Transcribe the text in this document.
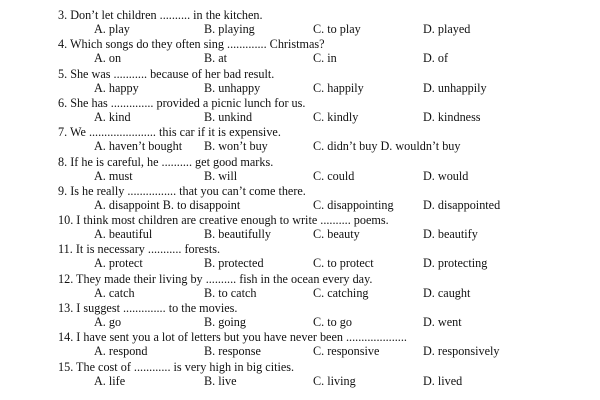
3. Don’t let children .......... in the kitchen.
A. play	B. playing	C. to play	D. played
4. Which songs do they often sing ............. Christmas?
A. on	B. at	C. in	D. of
5. She was ........... because of her bad result.
A. happy	B. unhappy	C. happily	D. unhappily
6. She has .............. provided a picnic lunch for us.
A. kind	B. unkind	C. kindly	D. kindness
7. We ...................... this car if it is expensive.
A. haven’t bought B. won’t buy	C. didn’t buy D. wouldn’t buy
8. If he is careful, he .......... get good marks.
A. must	B. will	C. could	D. would
9. Is he really ................ that you can’t come there.
A. disappoint B. to disappoint	C. disappointing D. disappointed
10. I think most children are creative enough to write .......... poems.
A. beautiful	B. beautifully	C. beauty	D. beautify
11. It is necessary ........... forests.
A. protect	B. protected	C. to protect	D. protecting
12. They made their living by .......... fish in the ocean every day.
A. catch	B. to catch	C. catching	D. caught
13. I suggest .............. to the movies.
A. go	B. going	C. to go	D. went
14. I have sent you a lot of letters but you have never been ....................
A. respond	B. response	C. responsive	D. responsively
15. The cost of ............ is very high in big cities.
A. life	B. live	C. living	D. lived
